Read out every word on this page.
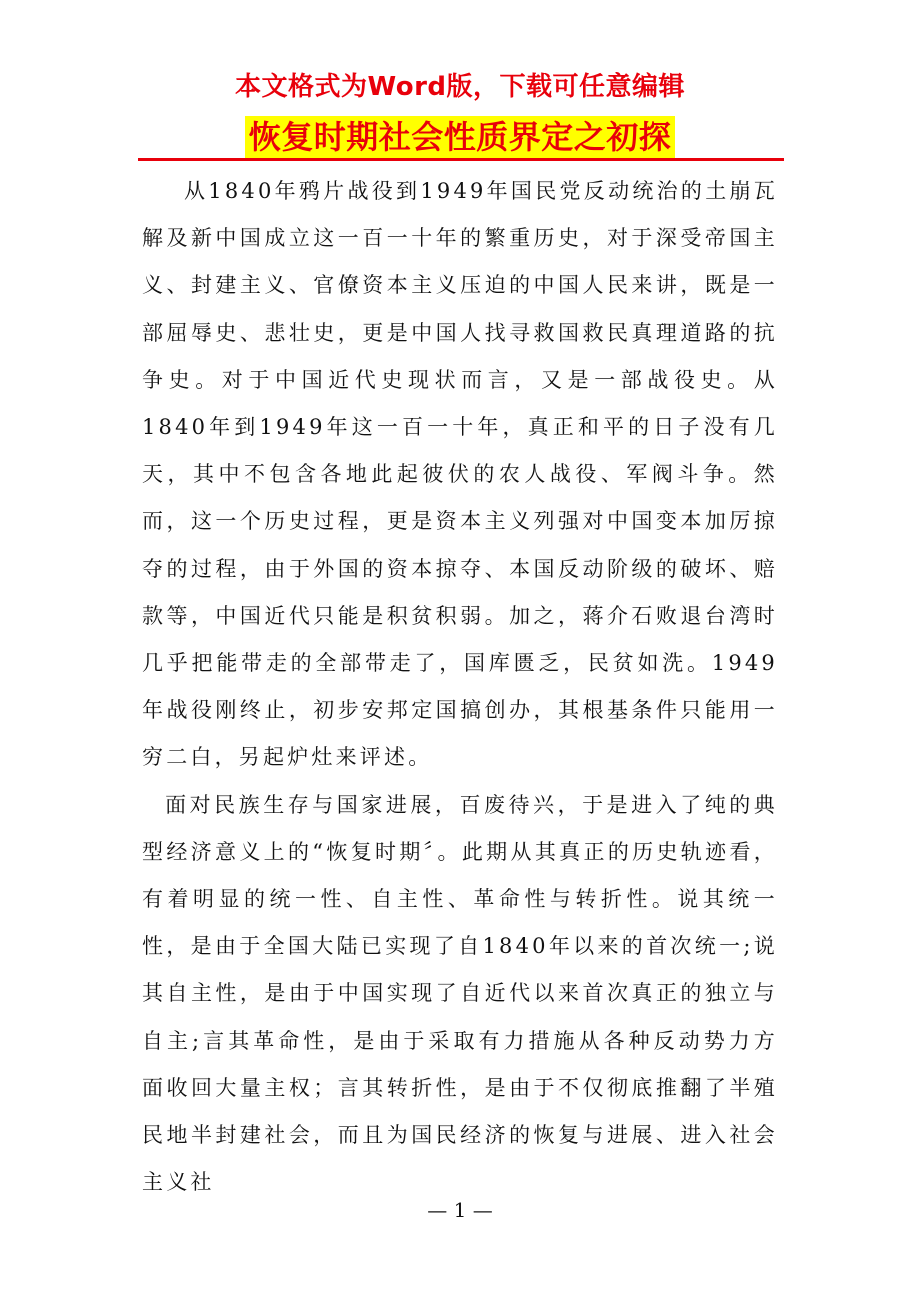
本文格式为Word版，下载可任意编辑
恢复时期社会性质界定之初探

从1840年鸦片战役到1949年国民党反动统治的土崩瓦解及新中国成立这一百一十年的繁重历史，对于深受帝国主义、封建主义、官僚资本主义压迫的中国人民来讲，既是一部屈辱史、悲壮史，更是中国人找寻救国救民真理道路的抗争史。对于中国近代史现状而言，又是一部战役史。从1840年到1949年这一百一十年，真正和平的日子没有几天，其中不包含各地此起彼伏的农人战役、军阀斗争。然而，这一个历史过程，更是资本主义列强对中国变本加厉掠夺的过程，由于外国的资本掠夺、本国反动阶级的破坏、赔款等，中国近代只能是积贫积弱。加之，蒋介石败退台湾时几乎把能带走的全部带走了，国库匮乏，民贫如洗。1949年战役刚终止，初步安邦定国搞创办，其根基条件只能用一穷二白，另起炉灶来评述。

面对民族生存与国家进展，百废待兴，于是进入了纯的典型经济意义上的“恢复时期〞。此期从其真正的历史轨迹看，有着明显的统一性、自主性、革命性与转折性。说其统一性，是由于全国大陆已实现了自1840年以来的首次统一;说其自主性，是由于中国实现了自近代以来首次真正的独立与自主;言其革命性，是由于采取有力措施从各种反动势力方面收回大量主权；言其转折性，是由于不仅彻底推翻了半殖民地半封建社会，而且为国民经济的恢复与进展、进入社会主义社

— 1 —
